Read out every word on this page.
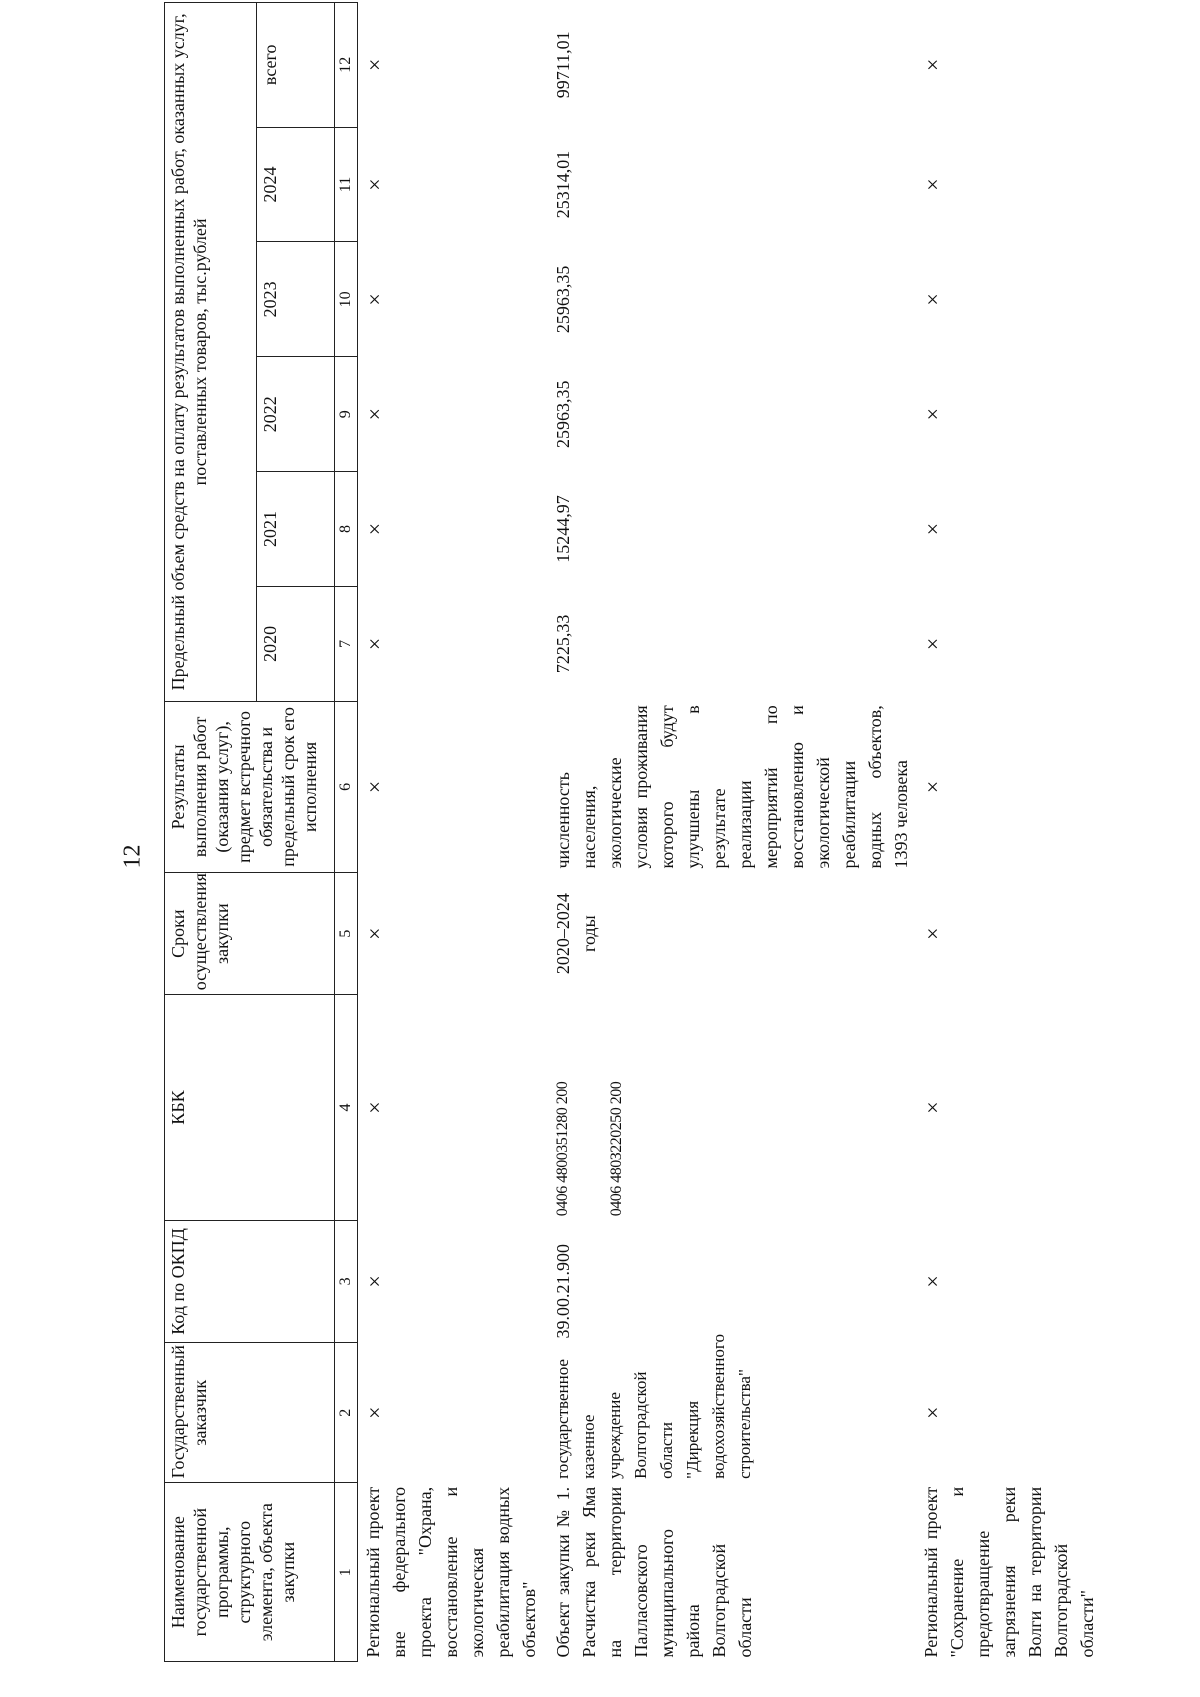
12
Наименование государственной программы, структурного элемента, объекта закупки	Государственный заказчик	Код по ОКПД	КБК	Сроки осуществления закупки	Результаты выполнения работ (оказания услуг), предмет встречного обязательства и предельный срок его исполнения	Предельный объем средств на оплату результатов выполненных работ, оказанных услуг, поставленных товаров, тыс.рублей					
						2020	2021	2022	2023	2024	всего
1	2	3	4	5	6	7	8	9	10	11	12
Региональный проект вне федерального проекта "Охрана, восстановление и экологическая реабилитация водных объектов"	×	×	×	×	×	×	×	×	×	×	×
Объект закупки № 1. Расчистка реки Яма на территории Палласовского муниципального района Волгоградской области	государственное казенное учреждение Волгоградской области "Дирекция водохозяйственного строительства"	39.00.21.900	0406 4800351280 200 0406 480З220250 200	2020–2024 годы	численность населения, экологические условия проживания которого будут улучшены в результате реализации мероприятий по восстановлению и экологической реабилитации водных объектов, 1393 человека	7225,33	15244,97	25963,35	25963,35	25314,01	99711,01
Региональный проект "Сохранение и предотвращение загрязнения реки Волги на территории Волгоградской области"	×	×	×	×	×	×	×	×	×	×	×
